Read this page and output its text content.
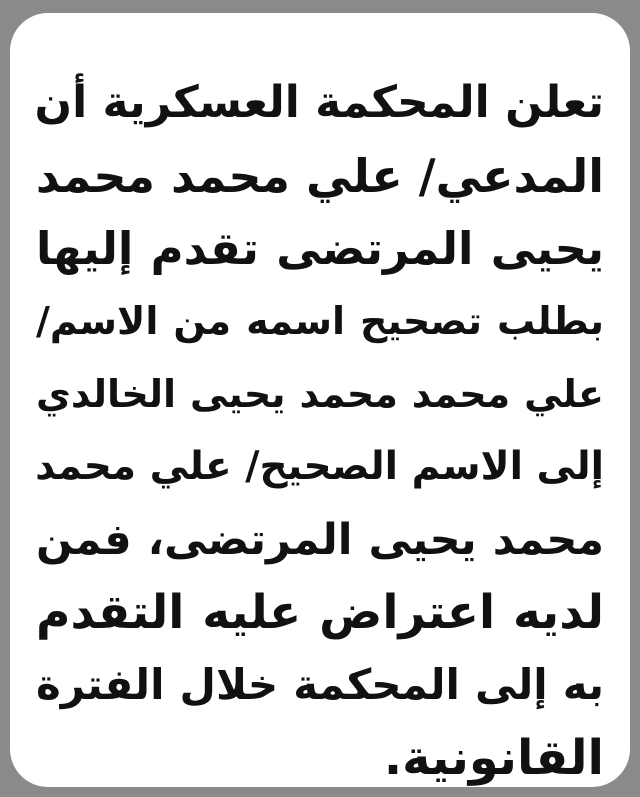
تعلن المحكمة العسكرية أن
المدعي/ علي محمد محمد
يحيى المرتضى تقدم إليها
بطلب تصحيح اسمه من الاسم/
علي محمد محمد يحيى الخالدي
إلى الاسم الصحيح/ علي محمد
محمد يحيى المرتضى، فمن
لديه اعتراض عليه التقدم
به إلى المحكمة خلال الفترة
القانونية.
